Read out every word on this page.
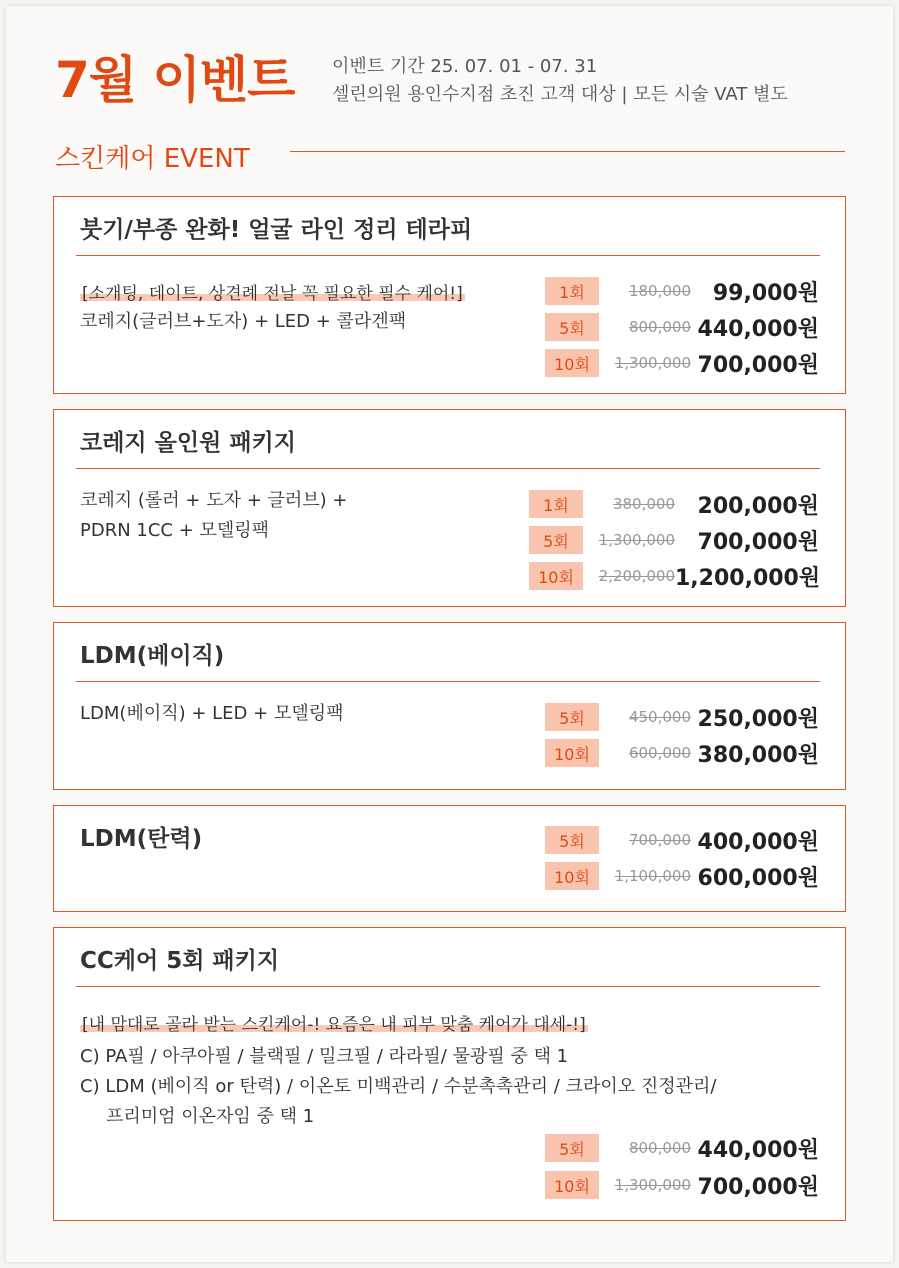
7월 이벤트 이벤트 기간 25. 07. 01 - 07. 31
셀린의원 용인수지점 초진 고객 대상 | 모든 시술 VAT 별도
스킨케어 EVENT
붓기/부종 완화! 얼굴 라인 정리 테라피
[소개팅, 데이트, 상견례 전날 꼭 필요한 필수 케어!]
코레지(글러브+도자) + LED + 콜라겐팩
1회	180,000 99,000원
5회	800,000 440,000원
10회	1,300,000 700,000원
코레지 올인원 패키지
코레지 (롤러 + 도자 + 글러브) +
PDRN 1CC + 모델링팩
1회	380,000	200,000원
5회	1,300,000	700,000원
10회	2,200,000 1,200,000원
LDM(베이직)
LDM(베이직) + LED + 모델링팩	5회	450,000 250,000원
10회	600,000 380,000원
LDM(탄력)	5회	700,000 400,000원
10회	1,100,000 600,000원
CC케어 5회 패키지
[내 맘대로 골라 받는 스킨케어-! 요즘은 내 피부 맞춤 케어가 대세-!]
C) PA필 / 아쿠아필 / 블랙필 / 밀크필 / 라라필/ 물광필 중 택 1
C) LDM (베이직 or 탄력) / 이온토 미백관리 / 수분촉촉관리 / 크라이오 진정관리/
프리미엄 이온자임 중 택 1
5회	800,000 440,000원
10회	1,300,000 700,000원
